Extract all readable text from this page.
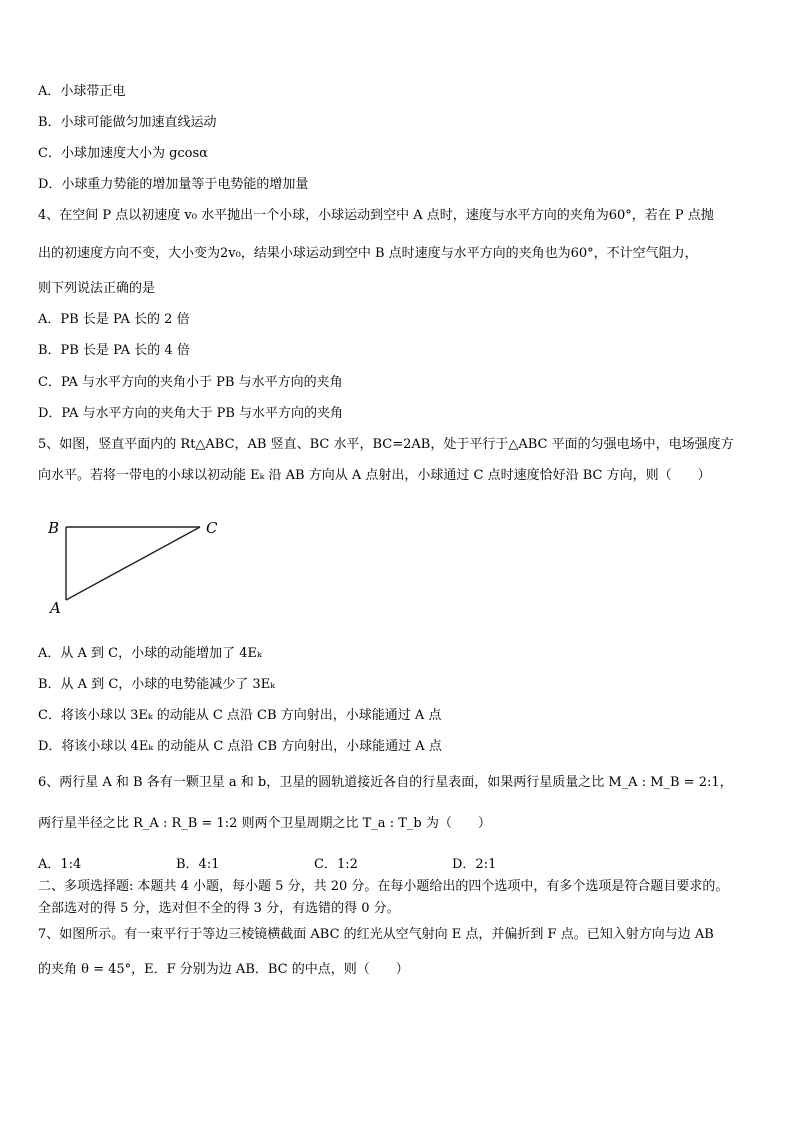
A．小球带正电
B．小球可能做匀加速直线运动
C．小球加速度大小为 gcosα
D．小球重力势能的增加量等于电势能的增加量
4、在空间 P 点以初速度 v₀ 水平抛出一个小球，小球运动到空中 A 点时，速度与水平方向的夹角为60°，若在 P 点抛
出的初速度方向不变，大小变为2v₀，结果小球运动到空中 B 点时速度与水平方向的夹角也为60°，不计空气阻力，
则下列说法正确的是
A．PB 长是 PA 长的 2 倍
B．PB 长是 PA 长的 4 倍
C．PA 与水平方向的夹角小于 PB 与水平方向的夹角
D．PA 与水平方向的夹角大于 PB 与水平方向的夹角
5、如图，竖直平面内的 Rt△ABC，AB 竖直、BC 水平，BC=2AB，处于平行于△ABC 平面的匀强电场中，电场强度方
向水平。若将一带电的小球以初动能 Eₖ 沿 AB 方向从 A 点射出，小球通过 C 点时速度恰好沿 BC 方向，则（　　）
B	C
A
A．从 A 到 C，小球的动能增加了 4Eₖ
B．从 A 到 C，小球的电势能减少了 3Eₖ
C．将该小球以 3Eₖ 的动能从 C 点沿 CB 方向射出，小球能通过 A 点
D．将该小球以 4Eₖ 的动能从 C 点沿 CB 方向射出，小球能通过 A 点
6、两行星 A 和 B 各有一颗卫星 a 和 b，卫星的圆轨道接近各自的行星表面，如果两行星质量之比 M_A : M_B = 2:1，
两行星半径之比 R_A : R_B = 1:2 则两个卫星周期之比 T_a : T_b 为（　　）
A．1:4	B．4:1	C．1:2	D．2:1
二、多项选择题: 本题共 4 小题，每小题 5 分，共 20 分。在每小题给出的四个选项中，有多个选项是符合题目要求的。
全部选对的得 5 分，选对但不全的得 3 分，有选错的得 0 分。
7、如图所示。有一束平行于等边三棱镜横截面 ABC 的红光从空气射向 E 点，并偏折到 F 点。已知入射方向与边 AB
的夹角 θ = 45°，E．F 分别为边 AB．BC 的中点，则（　　）
